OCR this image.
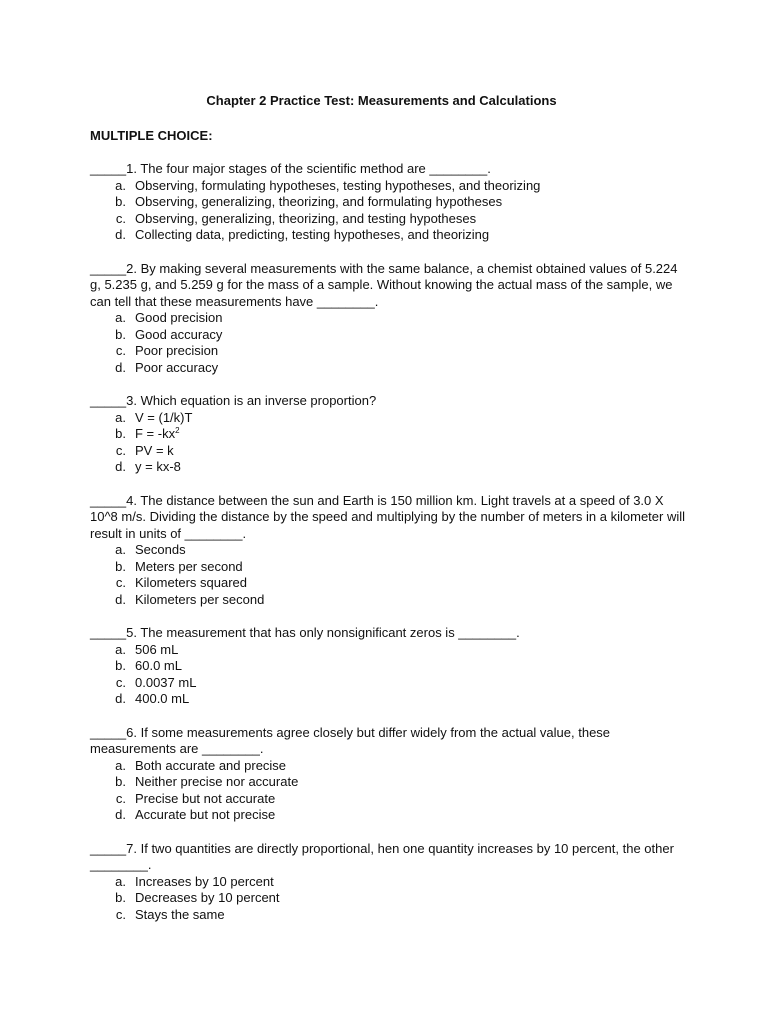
Chapter 2 Practice Test: Measurements and Calculations
MULTIPLE CHOICE:
_____1. The four major stages of the scientific method are ________.
a. Observing, formulating hypotheses, testing hypotheses, and theorizing
b. Observing, generalizing, theorizing, and formulating hypotheses
c. Observing, generalizing, theorizing, and testing hypotheses
d. Collecting data, predicting, testing hypotheses, and theorizing
_____2. By making several measurements with the same balance, a chemist obtained values of 5.224 g, 5.235 g, and 5.259 g for the mass of a sample. Without knowing the actual mass of the sample, we can tell that these measurements have ________.
a. Good precision
b. Good accuracy
c. Poor precision
d. Poor accuracy
_____3. Which equation is an inverse proportion?
a. V = (1/k)T
b. $F = -kx^2$
c. PV = k
d. y = kx-8
_____4. The distance between the sun and Earth is 150 million km. Light travels at a speed of 3.0 X 10^8 m/s. Dividing the distance by the speed and multiplying by the number of meters in a kilometer will result in units of ________.
a. Seconds
b. Meters per second
c. Kilometers squared
d. Kilometers per second
_____5. The measurement that has only nonsignificant zeros is ________.
a. 506 mL
b. 60.0 mL
c. 0.0037 mL
d. 400.0 mL
_____6. If some measurements agree closely but differ widely from the actual value, these measurements are ________.
a. Both accurate and precise
b. Neither precise nor accurate
c. Precise but not accurate
d. Accurate but not precise
_____7. If two quantities are directly proportional, hen one quantity increases by 10 percent, the other ________.
a. Increases by 10 percent
b. Decreases by 10 percent
c. Stays the same
